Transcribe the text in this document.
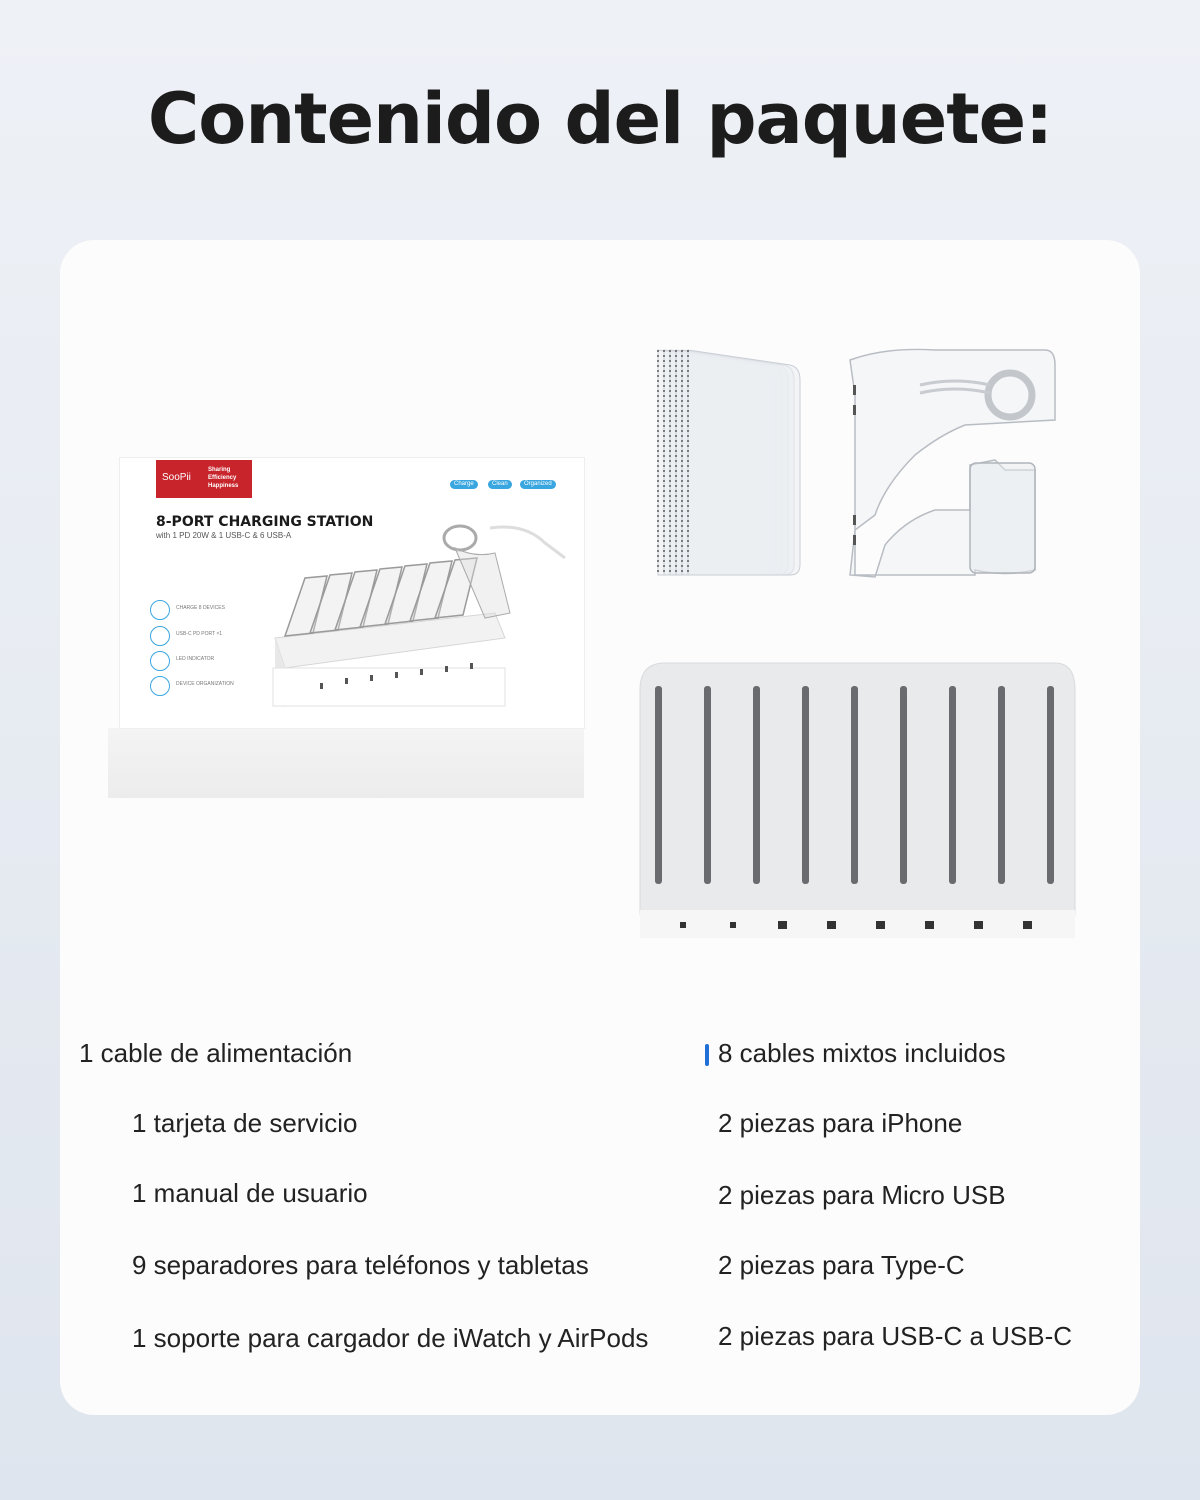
Contenido del paquete:
SooPii
Sharing Efficiency Happiness	Charge	Clean	Organized
8-PORT CHARGING STATION
with 1 PD 20W & 1 USB-C & 6 USB-A
CHARGE 8 DEVICES
USB-C PD PORT ×1
LED INDICATOR
DEVICE ORGANIZATION
1 cable de alimentación
1 tarjeta de servicio
1 manual de usuario
9 separadores para teléfonos y tabletas
1 soporte para cargador de iWatch y AirPods
8 cables mixtos incluidos
2 piezas para iPhone
2 piezas para Micro USB
2 piezas para Type-C
2 piezas para USB-C a USB-C
